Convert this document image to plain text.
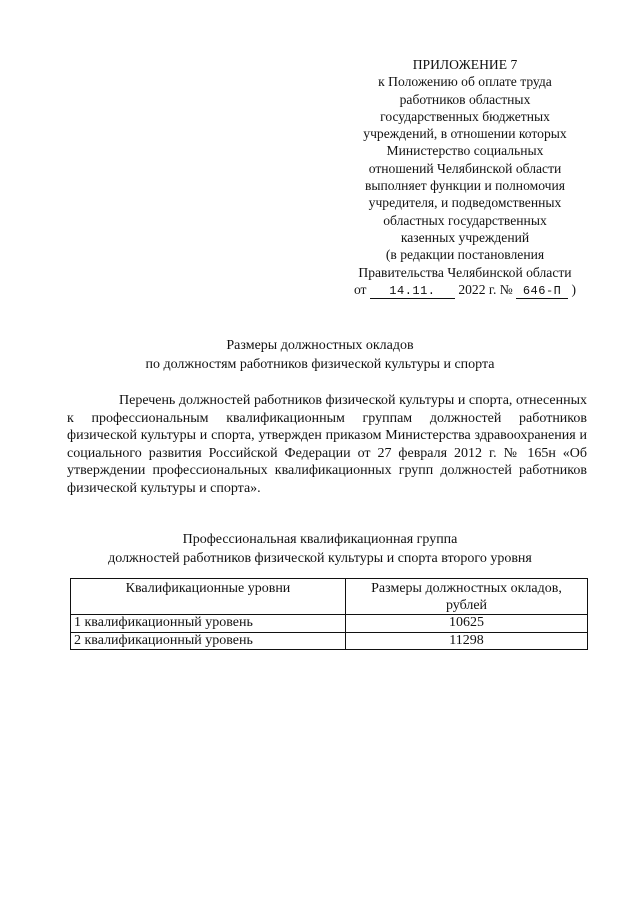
ПРИЛОЖЕНИЕ 7
к Положению об оплате труда
работников областных
государственных бюджетных
учреждений, в отношении которых
Министерство социальных
отношений Челябинской области
выполняет функции и полномочия
учредителя, и подведомственных
областных государственных
казенных учреждений
(в редакции постановления
Правительства Челябинской области
от 14.11. 2022 г. № 646-П )
Размеры должностных окладов
по должностям работников физической культуры и спорта

Перечень должностей работников физической культуры и спорта, отнесенных к профессиональным квалификационным группам должностей работников физической культуры и спорта, утвержден приказом Министерства здравоохранения и социального развития Российской Федерации от 27 февраля 2012 г. № 165н «Об утверждении профессиональных квалификационных групп должностей работников физической культуры и спорта».

Профессиональная квалификационная группа
должностей работников физической культуры и спорта второго уровня
Квалификационные уровни	Размеры должностных окладов, рублей
1 квалификационный уровень	10625
2 квалификационный уровень	11298
